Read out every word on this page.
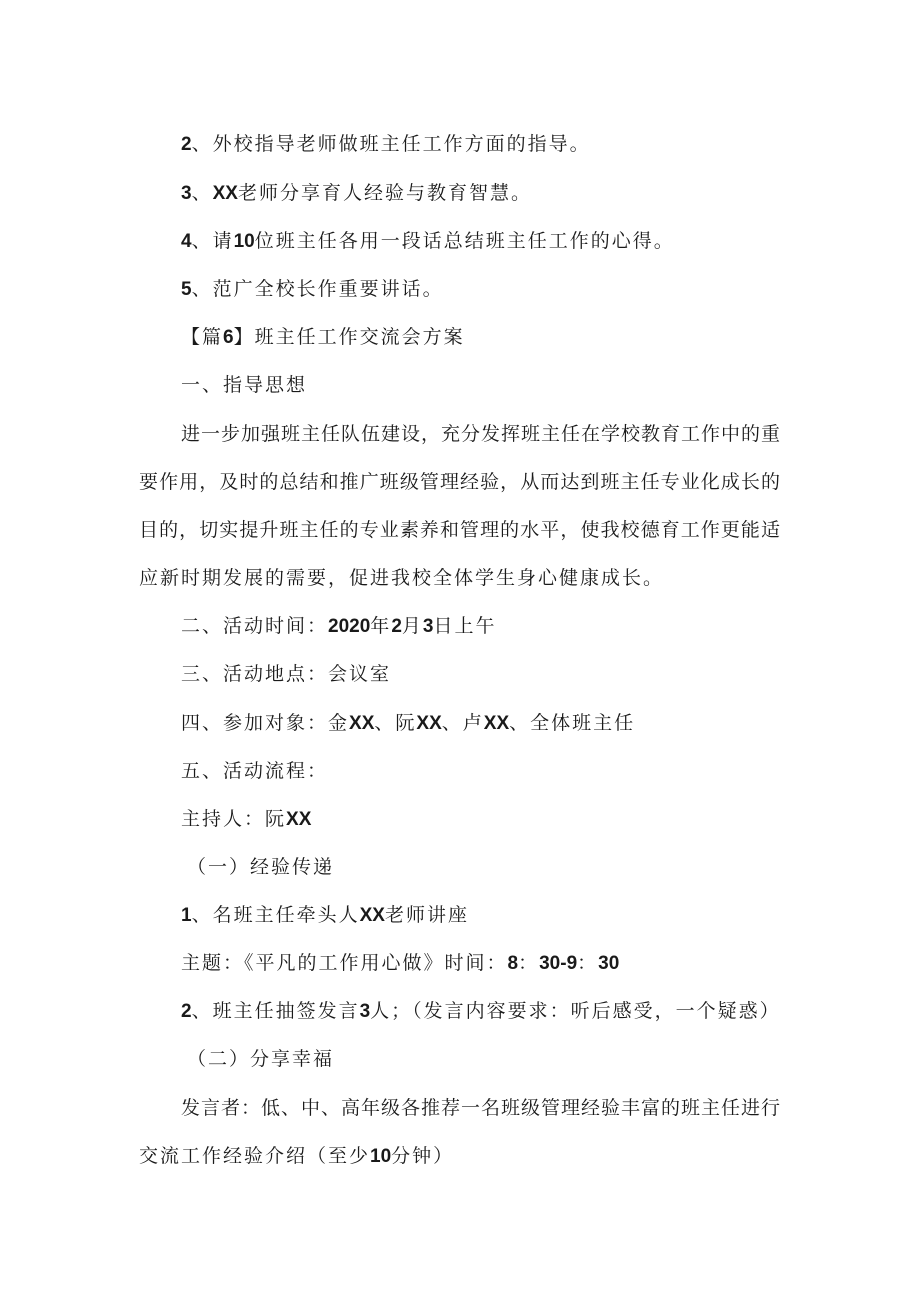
2、外校指导老师做班主任工作方面的指导。
3、XX老师分享育人经验与教育智慧。
4、请10位班主任各用一段话总结班主任工作的心得。
5、范广全校长作重要讲话。
【篇6】班主任工作交流会方案
一、指导思想
进一步加强班主任队伍建设，充分发挥班主任在学校教育工作中的重
要作用，及时的总结和推广班级管理经验，从而达到班主任专业化成长的
目的，切实提升班主任的专业素养和管理的水平，使我校德育工作更能适
应新时期发展的需要，促进我校全体学生身心健康成长。
二、活动时间：2020年2月3日上午
三、活动地点：会议室
四、参加对象：金XX、阮XX、卢XX、全体班主任
五、活动流程：
主持人：阮XX
（一）经验传递
1、名班主任牵头人XX老师讲座
主题：《平凡的工作用心做》时间：8：30-9：30
2、班主任抽签发言3人；（发言内容要求：听后感受，一个疑惑）
（二）分享幸福
发言者：低、中、高年级各推荐一名班级管理经验丰富的班主任进行
交流工作经验介绍（至少10分钟）
